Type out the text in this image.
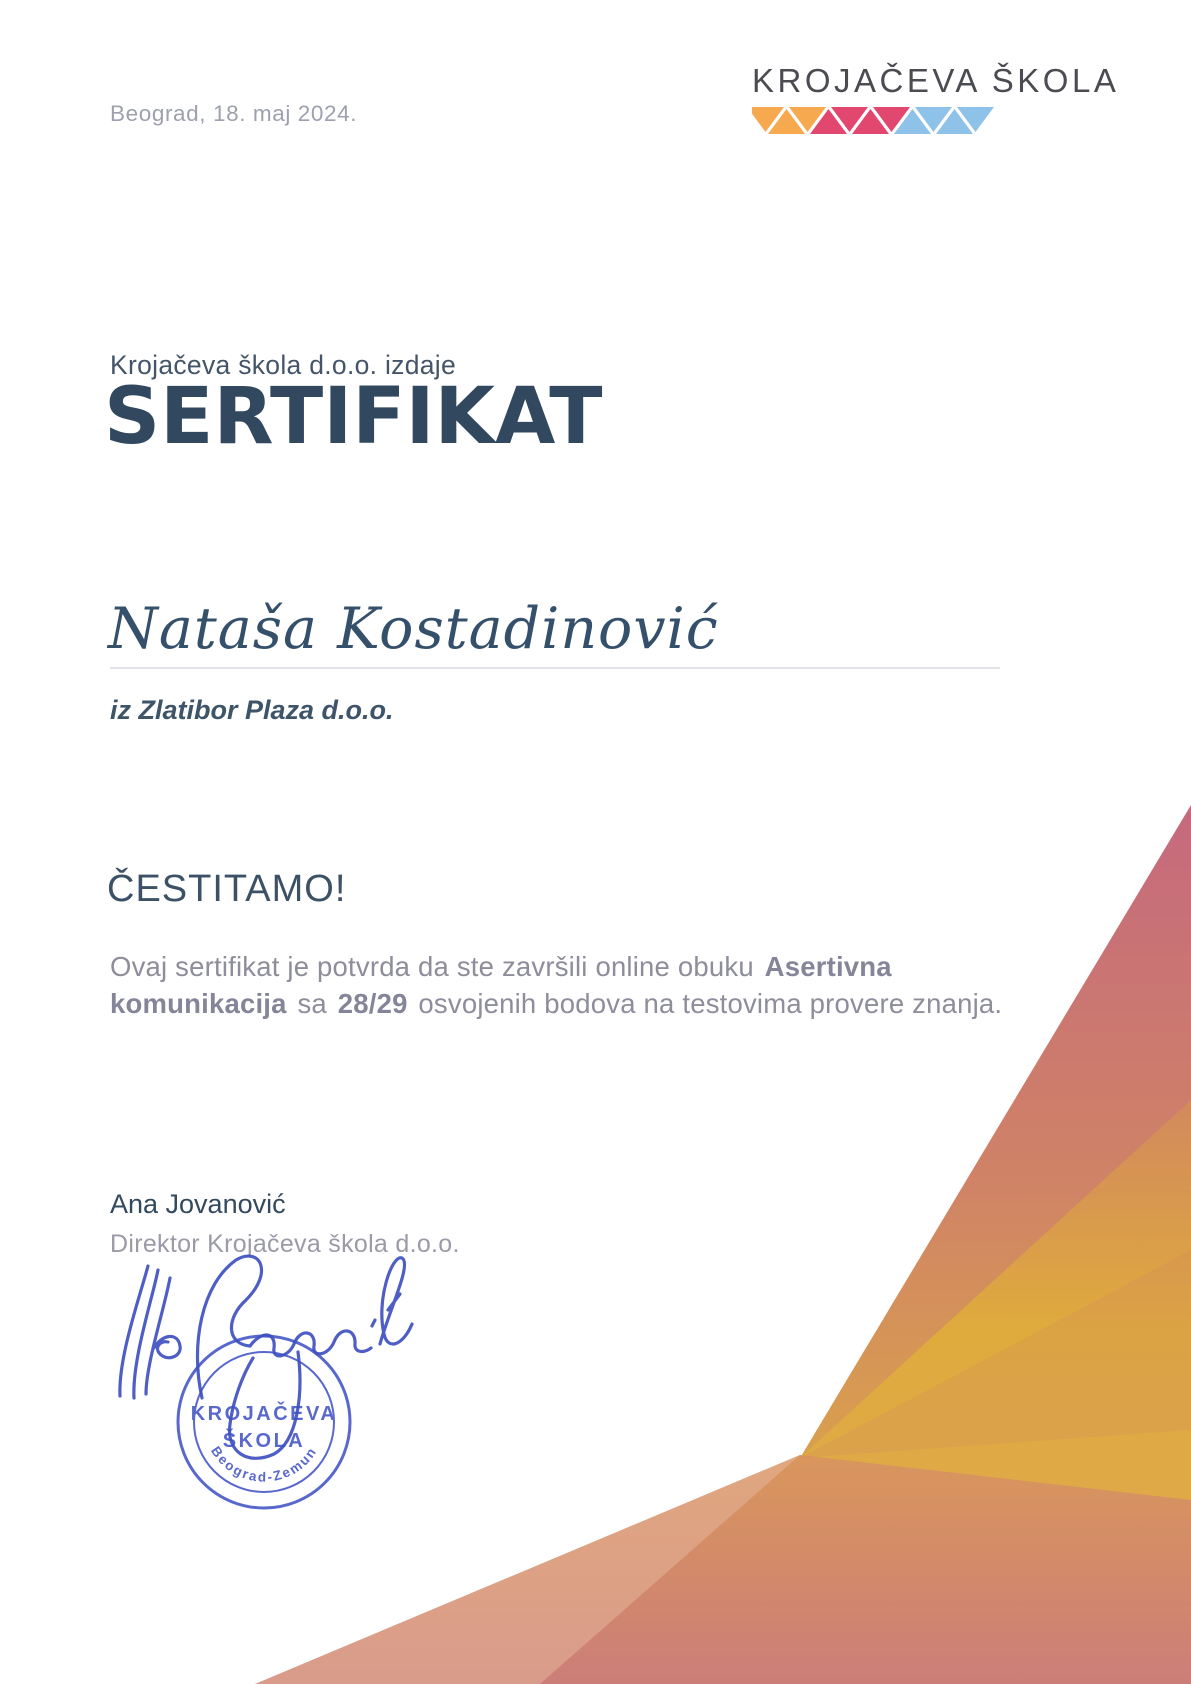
Beograd, 18. maj 2024.
KROJAČEVA ŠKOLA
Krojačeva škola d.o.o. izdaje
SERTIFIKAT
Nataša Kostadinović
iz Zlatibor Plaza d.o.o.
ČESTITAMO!
Ovaj sertifikat je potvrda da ste završili online obuku Asertivna komunikacija sa 28/29 osvojenih bodova na testovima provere znanja.
Ana Jovanović
Direktor Krojačeva škola d.o.o.
KROJAČEVA
ŠKOLA
Beograd-Zemun
